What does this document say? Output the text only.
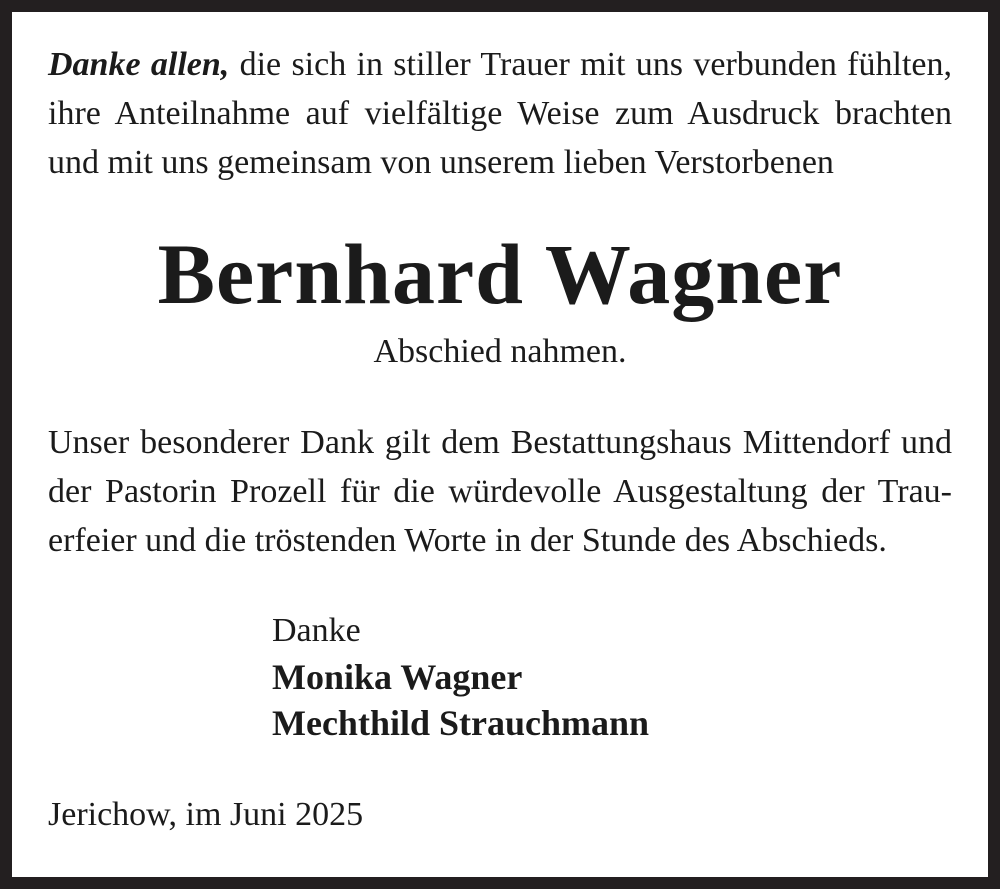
Danke allen, die sich in stiller Trauer mit uns verbunden fühlten,
ihre Anteilnahme auf vielfältige Weise zum Ausdruck brachten
und mit uns gemeinsam von unserem lieben Verstorbenen

Bernhard Wagner

Abschied nahmen.

Unser besonderer Dank gilt dem Bestattungshaus Mittendorf und
der Pastorin Prozell für die würdevolle Ausgestaltung der Trau-
erfeier und die tröstenden Worte in der Stunde des Abschieds.

Danke
Monika Wagner
Mechthild Strauchmann
Jerichow, im Juni 2025
